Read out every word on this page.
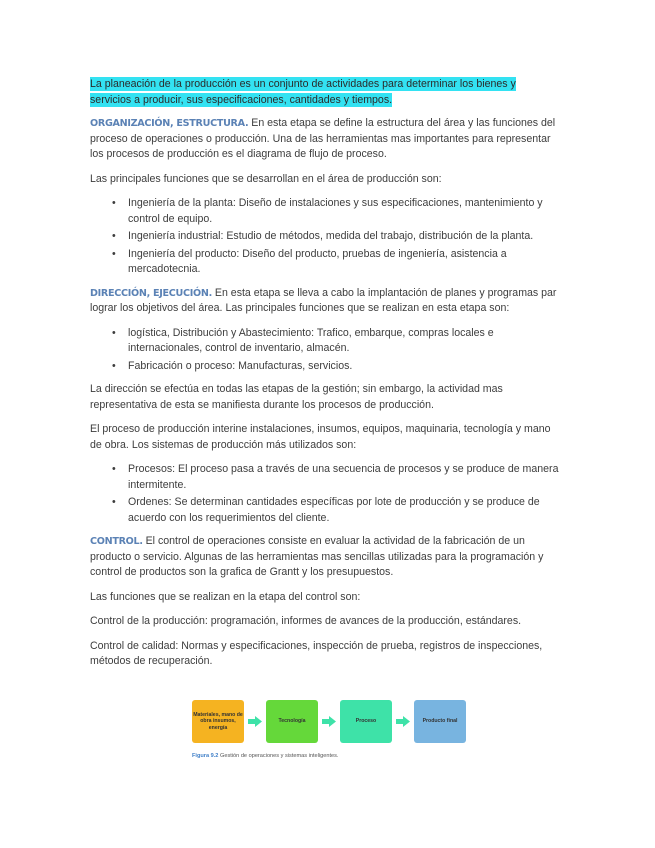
La planeación de la producción es un conjunto de actividades para determinar los bienes y
servicios a producir, sus especificaciones, cantidades y tiempos.

ORGANIZACIÓN, ESTRUCTURA. En esta etapa se define la estructura del área y las funciones del proceso de operaciones o producción. Una de las herramientas mas importantes para representar los procesos de producción es el diagrama de flujo de proceso.

Las principales funciones que se desarrollan en el área de producción son:

• Ingeniería de la planta: Diseño de instalaciones y sus especificaciones, mantenimiento y control de equipo.
• Ingeniería industrial: Estudio de métodos, medida del trabajo, distribución de la planta.
• Ingeniería del producto: Diseño del producto, pruebas de ingeniería, asistencia a mercadotecnia.

DIRECCIÓN, EJECUCIÓN. En esta etapa se lleva a cabo la implantación de planes y programas par lograr los objetivos del área. Las principales funciones que se realizan en esta etapa son:

• logística, Distribución y Abastecimiento: Trafico, embarque, compras locales e internacionales, control de inventario, almacén.
• Fabricación o proceso: Manufacturas, servicios.

La dirección se efectúa en todas las etapas de la gestión; sin embargo, la actividad mas representativa de esta se manifiesta durante los procesos de producción.

El proceso de producción interine instalaciones, insumos, equipos, maquinaria, tecnología y mano de obra. Los sistemas de producción más utilizados son:

• Procesos: El proceso pasa a través de una secuencia de procesos y se produce de manera intermitente.
• Ordenes: Se determinan cantidades específicas por lote de producción y se produce de acuerdo con los requerimientos del cliente.

CONTROL. El control de operaciones consiste en evaluar la actividad de la fabricación de un producto o servicio. Algunas de las herramientas mas sencillas utilizadas para la programación y control de productos son la grafica de Grantt y los presupuestos.

Las funciones que se realizan en la etapa del control son:

Control de la producción: programación, informes de avances de la producción, estándares.

Control de calidad: Normas y especificaciones, inspección de prueba, registros de inspecciones, métodos de recuperación.

Materiales, mano de obra insumos, energía
Tecnología	Proceso	Producto final
Figura 9.2 Gestión de operaciones y sistemas inteligentes.
